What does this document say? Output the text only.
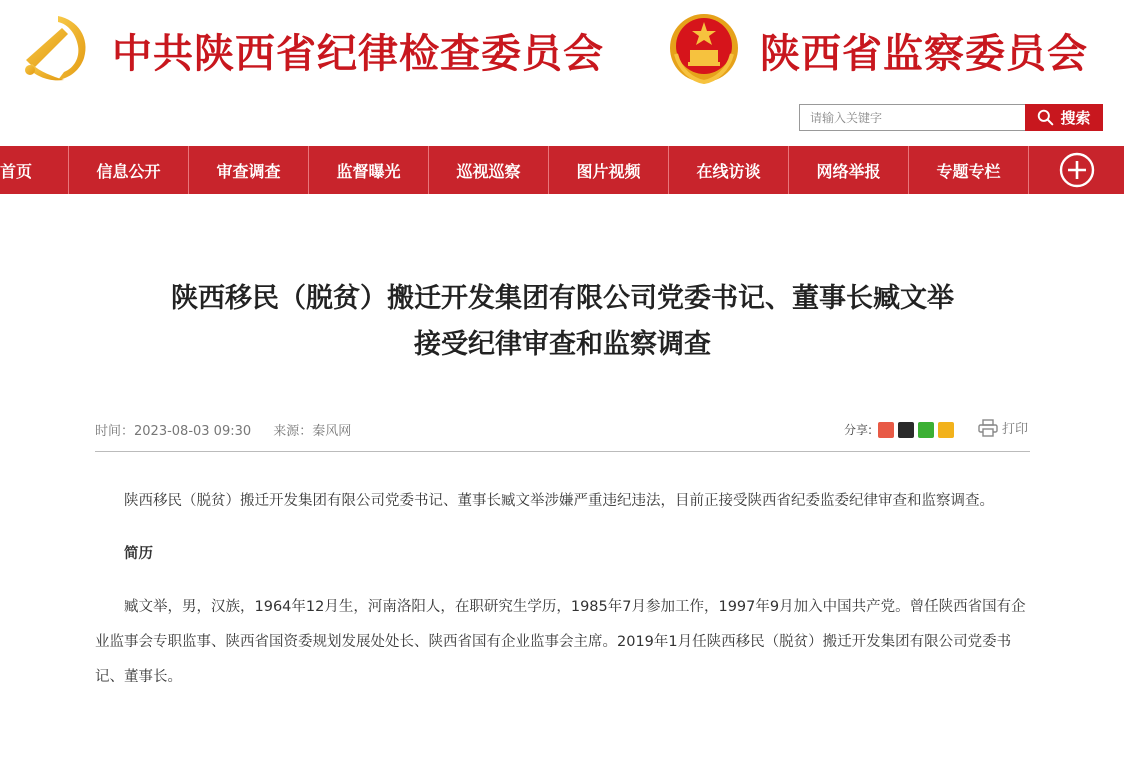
中共陕西省纪律检查委员会	陕西省监察委员会
请输入关键字
搜索
首页	信息公开	审查调查	监督曝光	巡视巡察	图片视频	在线访谈	网络举报	专题专栏
陕西移民（脱贫）搬迁开发集团有限公司党委书记、董事长臧文举
接受纪律审查和监察调查
时间：2023-08-03 09:30 来源：秦风网	分享:	打印

陕西移民（脱贫）搬迁开发集团有限公司党委书记、董事长臧文举涉嫌严重违纪违法，目前正接受陕西省纪委监委纪律审查和监察调查。

简历

臧文举，男，汉族，1964年12月生，河南洛阳人，在职研究生学历，1985年7月参加工作，1997年9月加入中国共产党。曾任陕西省国有企业监事会专职监事、陕西省国资委规划发展处处长、陕西省国有企业监事会主席。2019年1月任陕西移民（脱贫）搬迁开发集团有限公司党委书记、董事长。
